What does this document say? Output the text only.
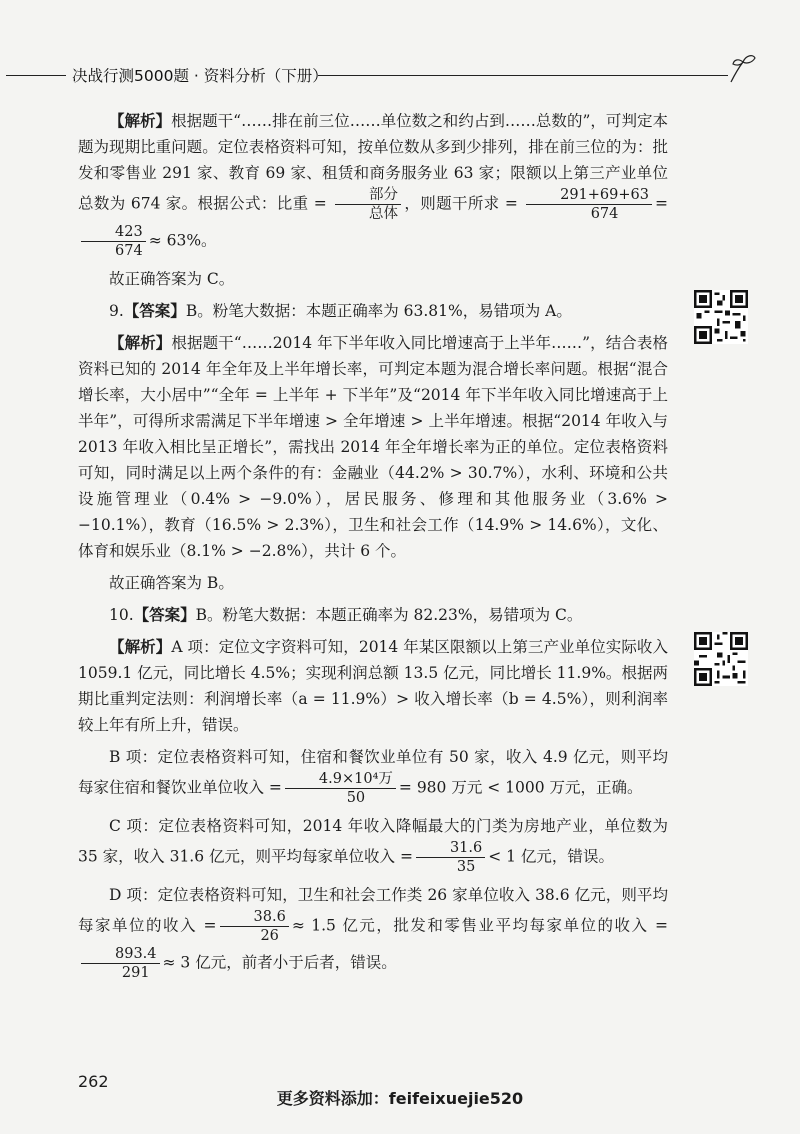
决战行测5000题 · 资料分析（下册）

【解析】根据题干“……排在前三位……单位数之和约占到……总数的”，可判定本题为现期比重问题。定位表格资料可知，按单位数从多到少排列，排在前三位的为：批发和零售业 291 家、教育 69 家、租赁和商务服务业 63 家；限额以上第三产业单位总数为 674 家。根据公式：比重 = $\frac{\text{部分}}{\text{总体}}$ ，则题干所求 = $\frac{291+69+63}{674}$ =
$\frac{423}{674} \approx 63\%$。

故正确答案为 C。

9.【答案】B。粉笔大数据：本题正确率为 63.81%，易错项为 A。

【解析】根据题干“……2014 年下半年收入同比增速高于上半年……”，结合表格资料已知的 2014 年全年及上半年增长率，可判定本题为混合增长率问题。根据“混合增长率，大小居中”“全年 = 上半年 + 下半年”及“2014 年下半年收入同比增速高于上半年”，可得所求需满足下半年增速 > 全年增速 > 上半年增速。根据“2014 年收入与 2013 年收入相比呈正增长”，需找出 2014 年全年增长率为正的单位。定位表格资料可知，同时满足以上两个条件的有：金融业（44.2% > 30.7%），水利、环境和公共设施管理业（0.4% > −9.0%），居民服务、修理和其他服务业（3.6% > −10.1%），教育（16.5% > 2.3%），卫生和社会工作（14.9% > 14.6%），文化、体育和娱乐业（8.1% > −2.8%），共计 6 个。

故正确答案为 B。

10.【答案】B。粉笔大数据：本题正确率为 82.23%，易错项为 C。

【解析】A 项：定位文字资料可知，2014 年某区限额以上第三产业单位实际收入 1059.1 亿元，同比增长 4.5%；实现利润总额 13.5 亿元，同比增长 11.9%。根据两期比重判定法则：利润增长率（a = 11.9%）> 收入增长率（b = 4.5%），则利润率较上年有所上升，错误。

B 项：定位表格资料可知，住宿和餐饮业单位有 50 家，收入 4.9 亿元，则平均每家住宿和餐饮业单位收入 = $\frac{\text{4.9×10⁴万}}{50} = 980$ 万元 < 1000 万元，正确。

C 项：定位表格资料可知，2014 年收入降幅最大的门类为房地产业，单位数为 35 家，收入 31.6 亿元，则平均每家单位收入 = $\frac{31.6}{35} < 1$ 亿元，错误。

D 项：定位表格资料可知，卫生和社会工作类 26 家单位收入 38.6 亿元，则平均每家单位的收入 = $\frac{38.6}{26} \approx 1.5$ 亿元，批发和零售业平均每家单位的收入 =
$\frac{893.4}{291} \approx 3$ 亿元，前者小于后者，错误。

262
更多资料添加：feifeixuejie520
